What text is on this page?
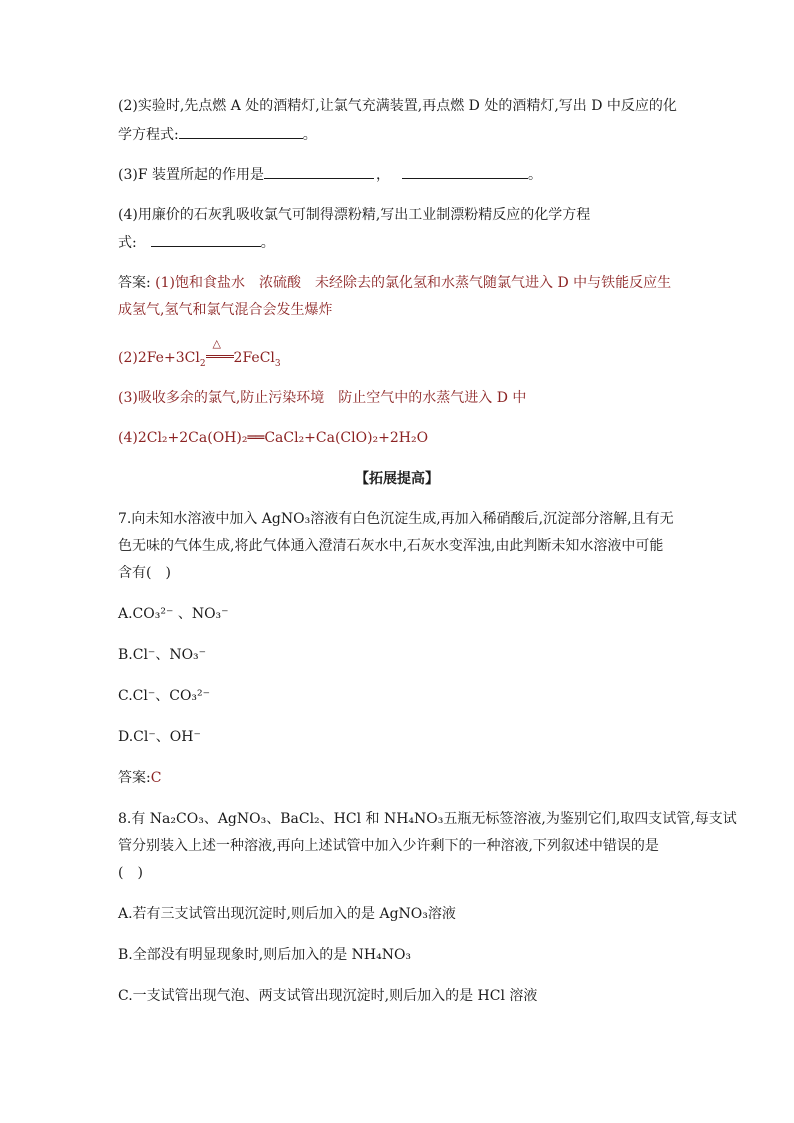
(2)实验时,先点燃 A 处的酒精灯,让氯气充满装置,再点燃 D 处的酒精灯,写出 D 中反应的化
学方程式:	。
(3)F 装置所起的作用是	，	。
(4)用廉价的石灰乳吸收氯气可制得漂粉精,写出工业制漂粉精反应的化学方程
式:	。
答案: (1)饱和食盐水　浓硫酸　未经除去的氯化氢和水蒸气随氯气进入 D 中与铁能反应生
成氢气,氢气和氯气混合会发生爆炸
$(2)2Fe+3Cl_2$
△
2FeCl$_3$
(3)吸收多余的氯气,防止污染环境　防止空气中的水蒸气进入 D 中
(4)2Cl₂+2Ca(OH)₂══CaCl₂+Ca(ClO)₂+2H₂O
【拓展提高】
7.向未知水溶液中加入 AgNO₃溶液有白色沉淀生成,再加入稀硝酸后,沉淀部分溶解,且有无
色无味的气体生成,将此气体通入澄清石灰水中,石灰水变浑浊,由此判断未知水溶液中可能
含有(　)
A.CO₃²⁻ 、NO₃⁻
B.Cl⁻、NO₃⁻
C.Cl⁻、CO₃²⁻
D.Cl⁻、OH⁻
答案:C
8.有 Na₂CO₃、AgNO₃、BaCl₂、HCl 和 NH₄NO₃五瓶无标签溶液,为鉴别它们,取四支试管,每支试
管分别装入上述一种溶液,再向上述试管中加入少许剩下的一种溶液,下列叙述中错误的是
(　)
A.若有三支试管出现沉淀时,则后加入的是 AgNO₃溶液
B.全部没有明显现象时,则后加入的是 NH₄NO₃
C.一支试管出现气泡、两支试管出现沉淀时,则后加入的是 HCl 溶液
